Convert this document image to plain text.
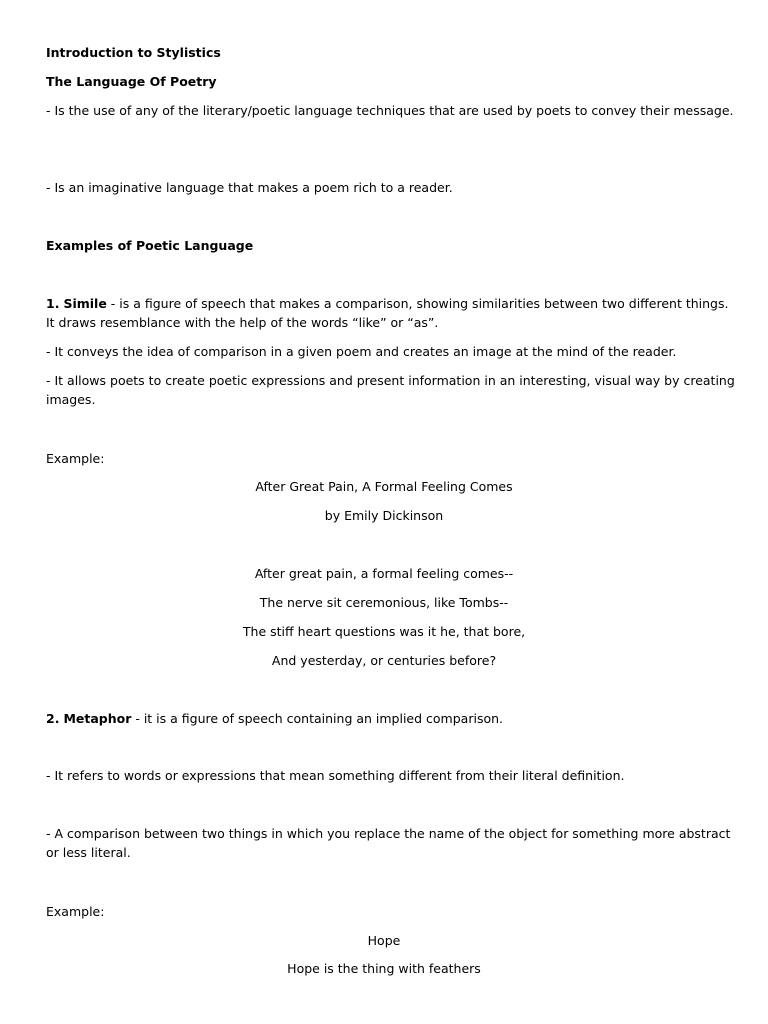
Introduction to Stylistics
The Language Of Poetry
- Is the use of any of the literary/poetic language techniques that are used by poets to convey their message.
- Is an imaginative language that makes a poem rich to a reader.
Examples of Poetic Language
1. Simile - is a figure of speech that makes a comparison, showing similarities between two different things. It draws resemblance with the help of the words “like” or “as”.
- It conveys the idea of comparison in a given poem and creates an image at the mind of the reader.
- It allows poets to create poetic expressions and present information in an interesting, visual way by creating images.
Example:
After Great Pain, A Formal Feeling Comes
by Emily Dickinson
After great pain, a formal feeling comes--
The nerve sit ceremonious, like Tombs--
The stiff heart questions was it he, that bore,
And yesterday, or centuries before?
2. Metaphor - it is a figure of speech containing an implied comparison.
- It refers to words or expressions that mean something different from their literal definition.
- A comparison between two things in which you replace the name of the object for something more abstract or less literal.
Example:
Hope
Hope is the thing with feathers
